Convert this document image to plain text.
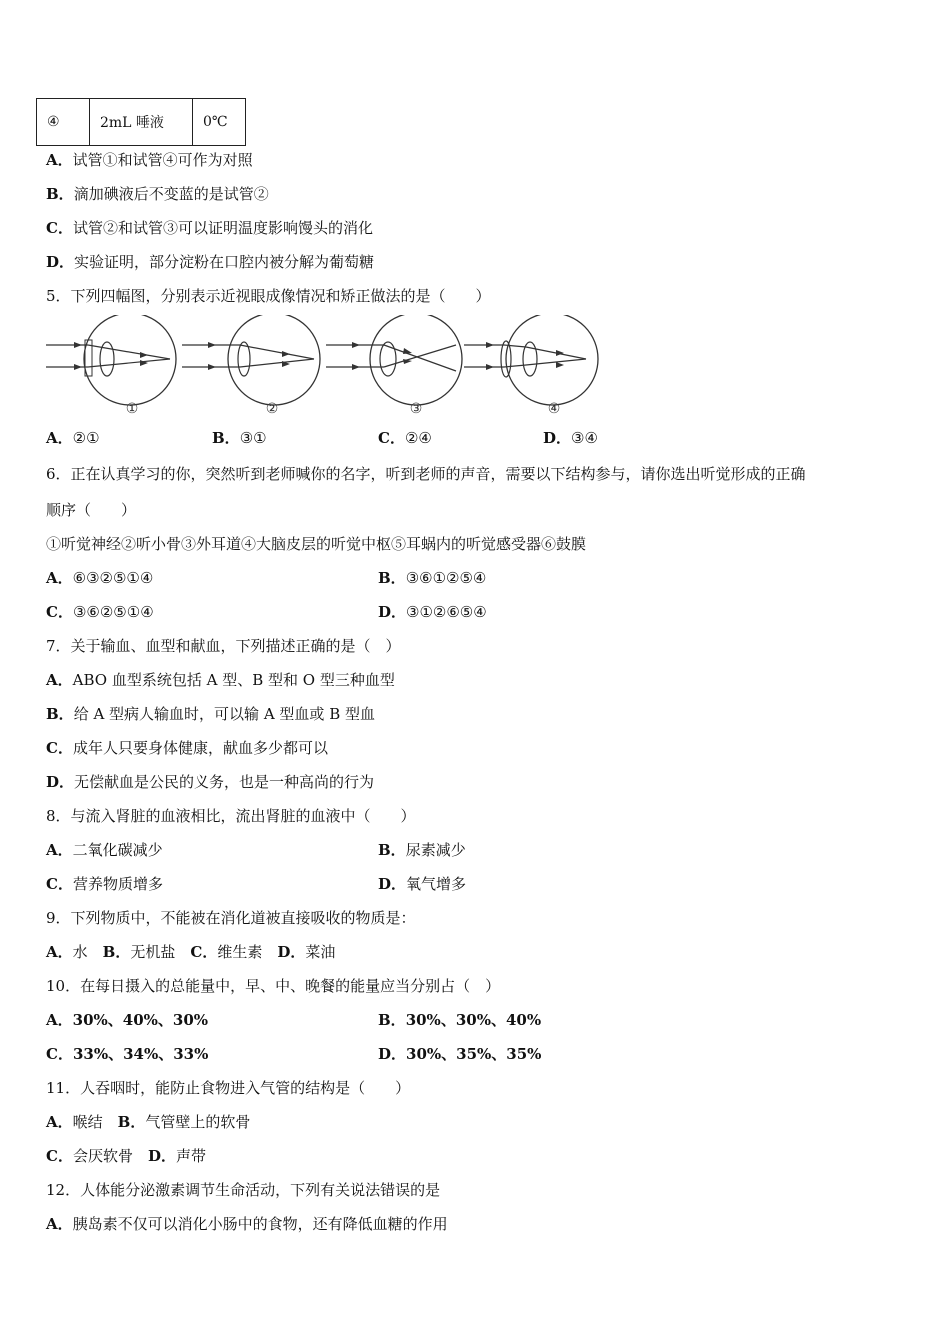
④	2mL 唾液	0℃
A．试管①和试管④可作为对照
B．滴加碘液后不变蓝的是试管②
C．试管②和试管③可以证明温度影响馒头的消化
D．实验证明，部分淀粉在口腔内被分解为葡萄糖
5．下列四幅图，分别表示近视眼成像情况和矫正做法的是（　　）
①	②	③	④
A．②①	B．③①	C．②④	D．③④
6．正在认真学习的你，突然听到老师喊你的名字，听到老师的声音，需要以下结构参与，请你选出听觉形成的正确
顺序（　　）
①听觉神经②听小骨③外耳道④大脑皮层的听觉中枢⑤耳蜗内的听觉感受器⑥鼓膜
A．⑥③②⑤①④	B．③⑥①②⑤④
C．③⑥②⑤①④	D．③①②⑥⑤④
7．关于输血、血型和献血，下列描述正确的是（　）
A．ABO 血型系统包括 A 型、B 型和 O 型三种血型
B．给 A 型病人输血时，可以输 A 型血或 B 型血
C．成年人只要身体健康，献血多少都可以
D．无偿献血是公民的义务，也是一种高尚的行为
8．与流入肾脏的血液相比，流出肾脏的血液中（　　）
A．二氧化碳减少	B．尿素减少
C．营养物质增多	D．氧气增多
9．下列物质中，不能被在消化道被直接吸收的物质是：
A．水　 B．无机盐　 C．维生素　 D．菜油
10．在每日摄入的总能量中，早、中、晚餐的能量应当分别占（　）
A．30%、40%、30%	B．30%、30%、40%
C．33%、34%、33%	D．30%、35%、35%
11．人吞咽时，能防止食物进入气管的结构是（　　）
A．喉结　 B．气管壁上的软骨
C．会厌软骨　 D．声带
12．人体能分泌激素调节生命活动，下列有关说法错误的是
A．胰岛素不仅可以消化小肠中的食物，还有降低血糖的作用
